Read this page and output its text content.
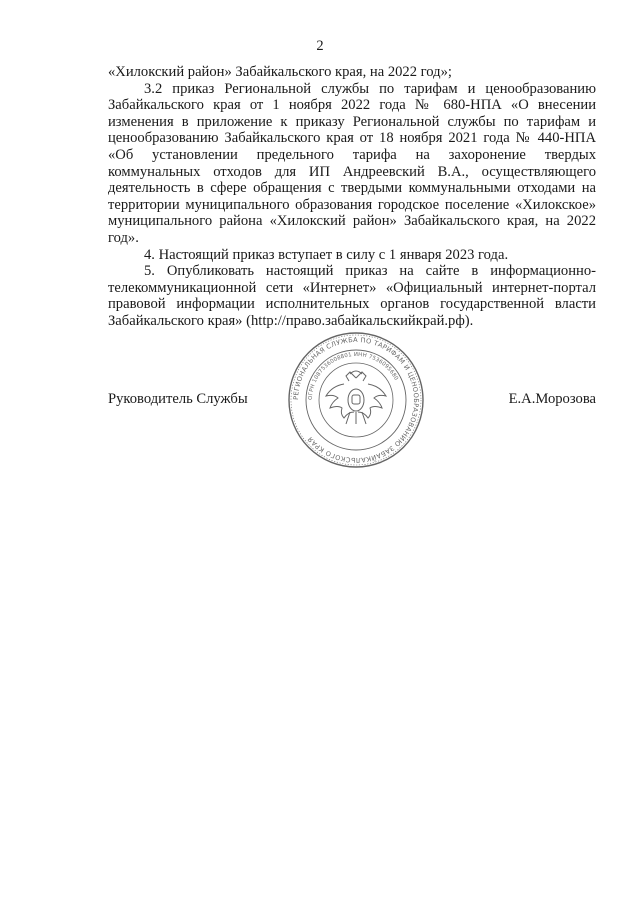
2

«Хилокский район» Забайкальского края, на 2022 год»;

3.2 приказ Региональной службы по тарифам и ценообразованию Забайкальского края от 1 ноября 2022 года № 680-НПА «О внесении изменения в приложение к приказу Региональной службы по тарифам и ценообразованию Забайкальского края от 18 ноября 2021 года № 440-НПА «Об установлении предельного тарифа на захоронение твердых коммунальных отходов для ИП Андреевский В.А., осуществляющего деятельность в сфере обращения с твердыми коммунальными отходами на территории муниципального образования городское поселение «Хилокское» муниципального района «Хилокский район» Забайкальского края, на 2022 год».

4. Настоящий приказ вступает в силу с 1 января 2023 года.

5. Опубликовать настоящий приказ на сайте в информационно-телекоммуникационной сети «Интернет» «Официальный интернет-портал правовой информации исполнительных органов государственной власти Забайкальского края» (http://право.забайкальскийкрай.рф).

РЕГИОНАЛЬНАЯ СЛУЖБА ПО ТАРИФАМ И ЦЕНООБРАЗОВАНИЮ ЗАБАЙКАЛЬСКОГО КРАЯ
ОГРН 1087536008801 ИНН 7536095680
Руководитель Службы	Е.А.Морозова
